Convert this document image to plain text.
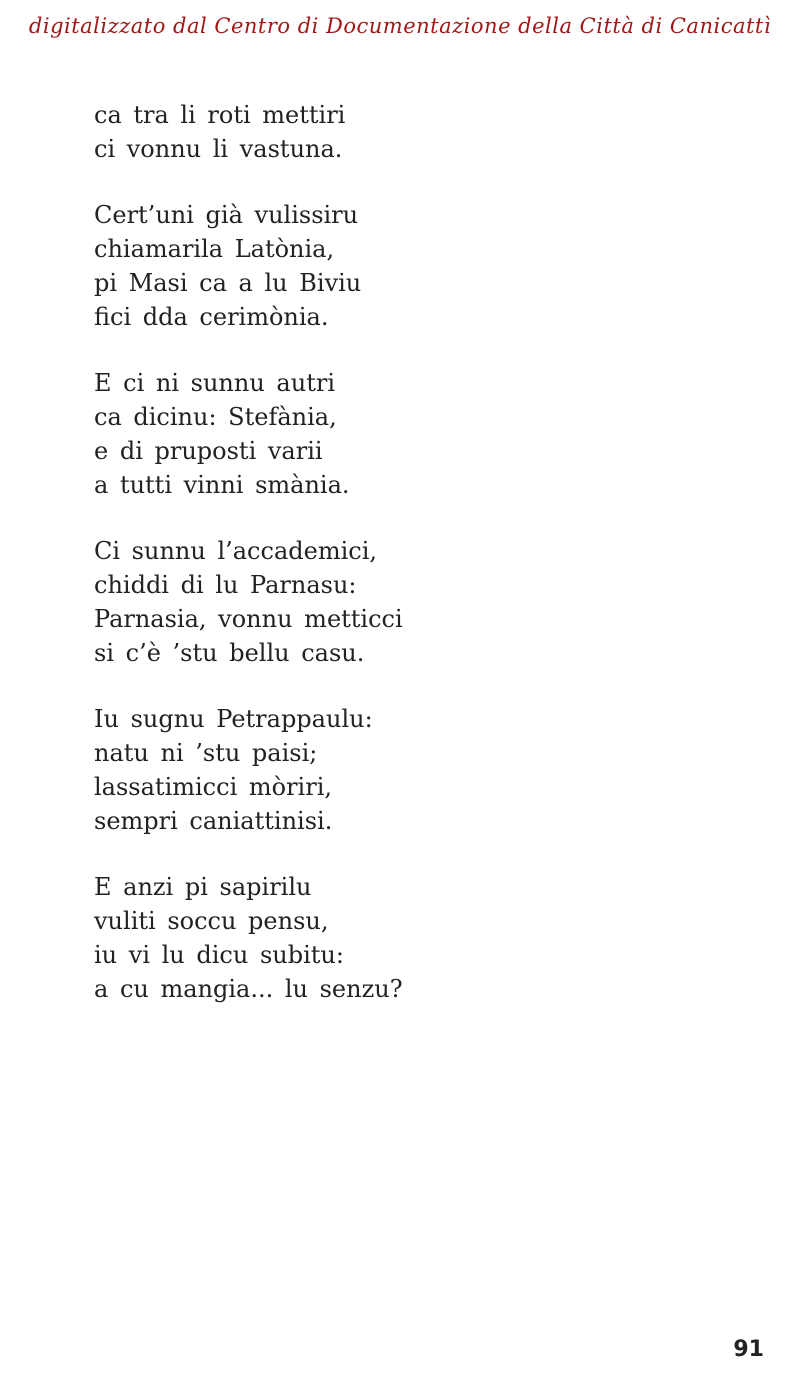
digitalizzato dal Centro di Documentazione della Città di Canicattì
ca tra li roti mettiri
ci vonnu li vastuna.
Cert’uni già vulissiru
chiamarila Latònia,
pi Masi ca a lu Biviu
fici dda cerimònia.
E ci ni sunnu autri
ca dicinu: Stefània,
e di pruposti varii
a tutti vinni smània.
Ci sunnu l’accademici,
chiddi di lu Parnasu:
Parnasia, vonnu metticci
si c’è ’stu bellu casu.
Iu sugnu Petrappaulu:
natu ni ’stu paisi;
lassatimicci mòriri,
sempri caniattinisi.
E anzi pi sapirilu
vuliti soccu pensu,
iu vi lu dicu subitu:
a cu mangia... lu senzu?
91
